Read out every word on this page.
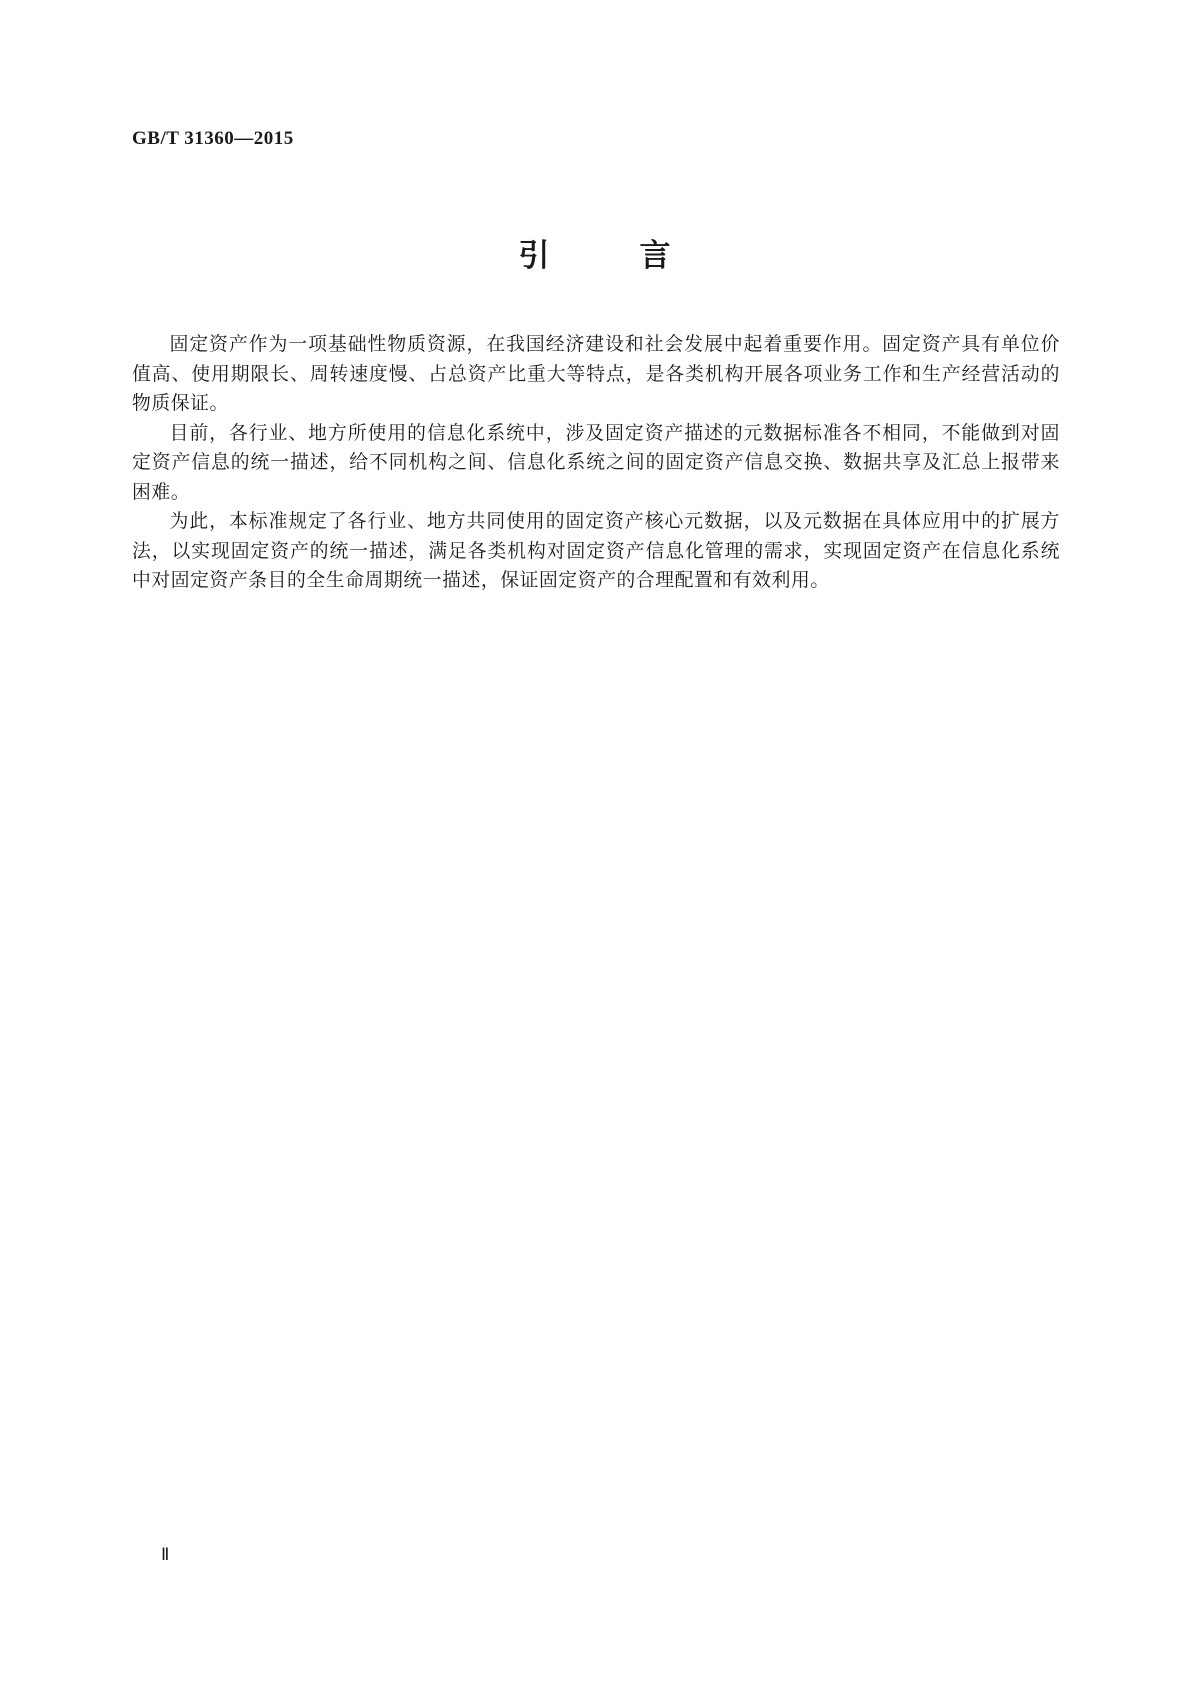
GB/T 31360—2015
引	言

固定资产作为一项基础性物质资源，在我国经济建设和社会发展中起着重要作用。固定资产具有单位价值高、使用期限长、周转速度慢、占总资产比重大等特点，是各类机构开展各项业务工作和生产经营活动的物质保证。

目前，各行业、地方所使用的信息化系统中，涉及固定资产描述的元数据标准各不相同，不能做到对固定资产信息的统一描述，给不同机构之间、信息化系统之间的固定资产信息交换、数据共享及汇总上报带来困难。

为此，本标准规定了各行业、地方共同使用的固定资产核心元数据，以及元数据在具体应用中的扩展方法，以实现固定资产的统一描述，满足各类机构对固定资产信息化管理的需求，实现固定资产在信息化系统中对固定资产条目的全生命周期统一描述，保证固定资产的合理配置和有效利用。

Ⅱ
